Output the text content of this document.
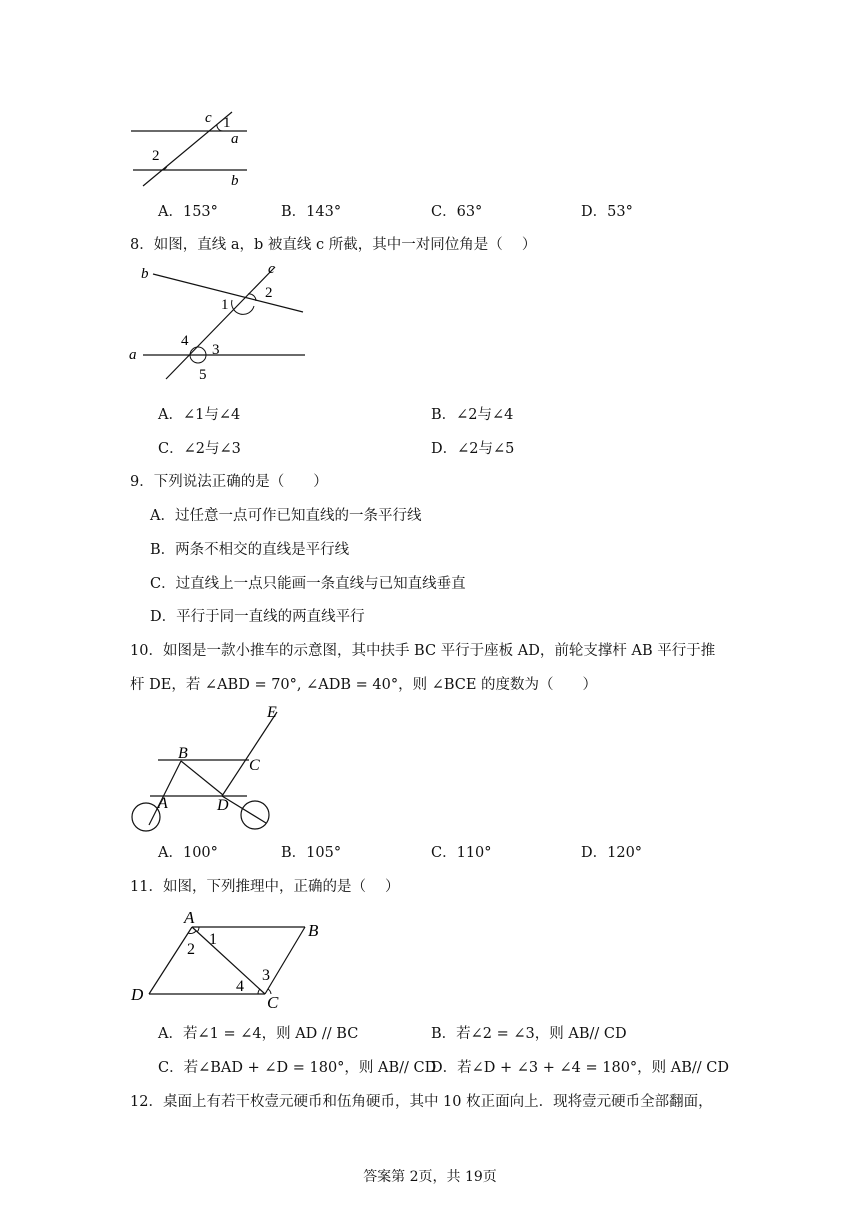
c 1
a
2
b
A．153°	B．143°	C．63°	D．53°
8．如图，直线 a，b 被直线 c 所截，其中一对同位角是（　 ）
b	c
2
1
4
3
a
5
A．∠1与∠4	B．∠2与∠4
C．∠2与∠3	D．∠2与∠5
9．下列说法正确的是（　　）
A．过任意一点可作已知直线的一条平行线
B．两条不相交的直线是平行线
C．过直线上一点只能画一条直线与已知直线垂直
D．平行于同一直线的两直线平行
10．如图是一款小推车的示意图，其中扶手 BC 平行于座板 AD，前轮支撑杆 AB 平行于推
杆 DE，若 ∠ABD = 70°, ∠ADB = 40°，则 ∠BCE 的度数为（　　）
E
B
C
A	D
A．100°	B．105°	C．110°	D．120°
11．如图，下列推理中，正确的是（　 ）
A
B
2
1
3
4
D	C
A．若∠1 = ∠4，则 AD // BC	B．若∠2 = ∠3，则 AB// CD
C．若∠BAD + ∠D = 180°，则 AB// CD
D．若∠D + ∠3 + ∠4 = 180°，则 AB// CD
12．桌面上有若干枚壹元硬币和伍角硬币，其中 10 枚正面向上．现将壹元硬币全部翻面，
答案第 2页，共 19页
